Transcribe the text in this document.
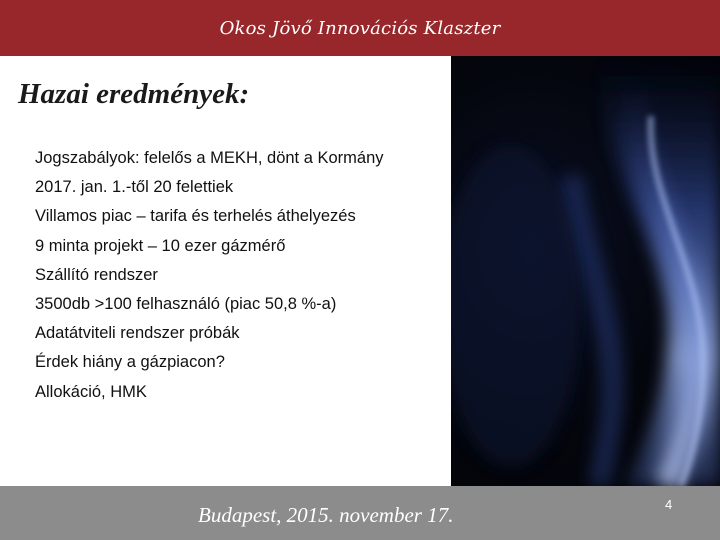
Okos Jövő Innovációs Klaszter
Hazai eredmények:
Jogszabályok: felelős a MEKH, dönt a Kormány
2017. jan. 1.-től 20 felettiek
Villamos piac – tarifa és terhelés áthelyezés
9 minta projekt – 10 ezer gázmérő
Szállító rendszer
3500db >100 felhasználó (piac 50,8 %-a)
Adatátviteli rendszer próbák
Érdek hiány a gázpiacon?
Allokáció, HMK
Budapest, 2015. november 17.	4
